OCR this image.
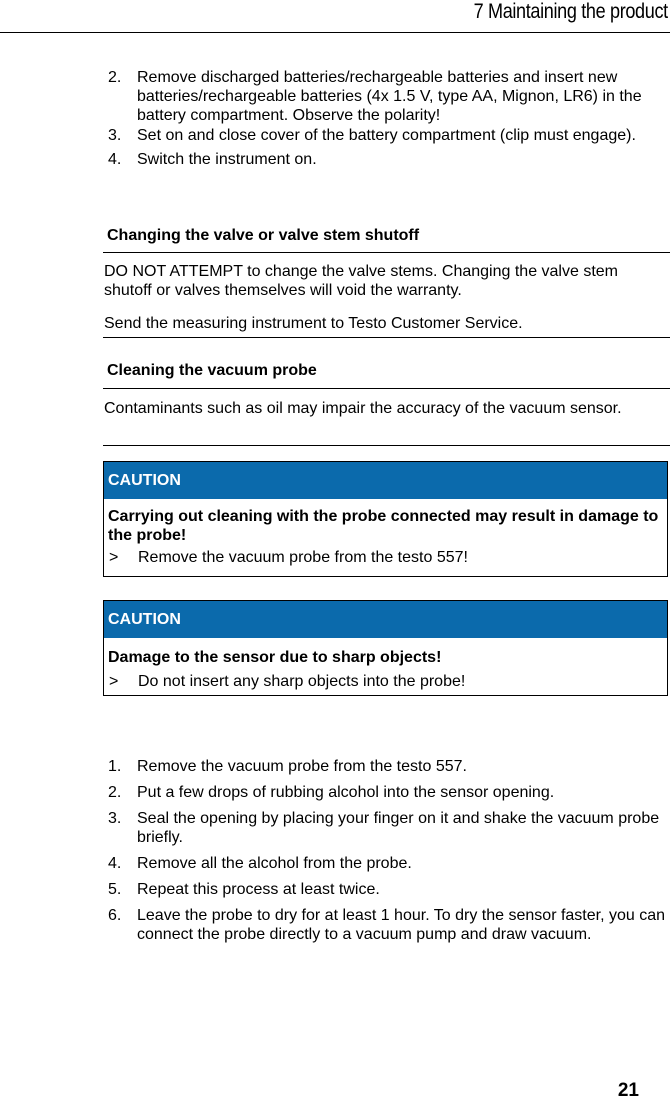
7 Maintaining the product
2. Remove discharged batteries/rechargeable batteries and insert new batteries/rechargeable batteries (4x 1.5 V, type AA, Mignon, LR6) in the battery compartment. Observe the polarity!
3. Set on and close cover of the battery compartment (clip must engage).
4. Switch the instrument on.
Changing the valve or valve stem shutoff
DO NOT ATTEMPT to change the valve stems. Changing the valve stem shutoff or valves themselves will void the warranty.
Send the measuring instrument to Testo Customer Service.
Cleaning the vacuum probe
Contaminants such as oil may impair the accuracy of the vacuum sensor.
CAUTION
Carrying out cleaning with the probe connected may result in damage to the probe!
> Remove the vacuum probe from the testo 557!
CAUTION
Damage to the sensor due to sharp objects!
> Do not insert any sharp objects into the probe!
1. Remove the vacuum probe from the testo 557.
2. Put a few drops of rubbing alcohol into the sensor opening.
3. Seal the opening by placing your finger on it and shake the vacuum probe briefly.
4. Remove all the alcohol from the probe.
5. Repeat this process at least twice.
6. Leave the probe to dry for at least 1 hour. To dry the sensor faster, you can connect the probe directly to a vacuum pump and draw vacuum.
21
